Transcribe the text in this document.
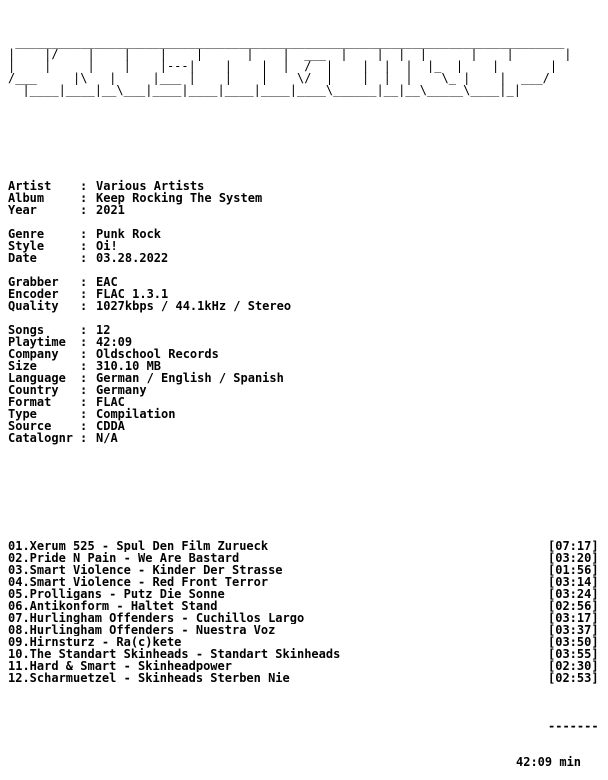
____________________________________________________________________________
|    |/    |    |    |    |      |    |  ___  |    |  |  |      |    |       |
|    |     |    |    |---|    |    |  |  /  |    |  |  |  |_  |    |       |
/___     |\   |     |___ |    |    |    \/  |    |  |  |    \_ |    |  ___/
|____|____|__\___|____|____|____|____|____\______|__|__\_____\____|_|

Artist	: Various Artists
Album	: Keep Rocking The System
Year	: 2021
Genre	: Punk Rock
Style	: Oi!
Date	: 03.28.2022
Grabber	: EAC
Encoder	: FLAC 1.3.1
Quality	: 1027kbps / 44.1kHz / Stereo
Songs	: 12
Playtime	: 42:09
Company	: Oldschool Records
Size	: 310.10 MB
Language	: German / English / Spanish
Country	: Germany
Format	: FLAC
Type	: Compilation
Source	: CDDA
Catalognr : N/A

01.Xerum 525 - Spul Den Film Zurueck	[07:17]
02.Pride N Pain - We Are Bastard	[03:20]
03.Smart Violence - Kinder Der Strasse	[01:56]
04.Smart Violence - Red Front Terror	[03:14]
05.Prolligans - Putz Die Sonne	[03:24]
06.Antikonform - Haltet Stand	[02:56]
07.Hurlingham Offenders - Cuchillos Largo	[03:17]
08.Hurlingham Offenders - Nuestra Voz	[03:37]
09.Hirnsturz - Ra(c)kete	[03:50]
10.The Standart Skinheads - Standart Skinheads	[03:55]
11.Hard & Smart - Skinheadpower	[02:30]
12.Scharmuetzel - Skinheads Sterben Nie	[02:53]

-------

42:09 min
